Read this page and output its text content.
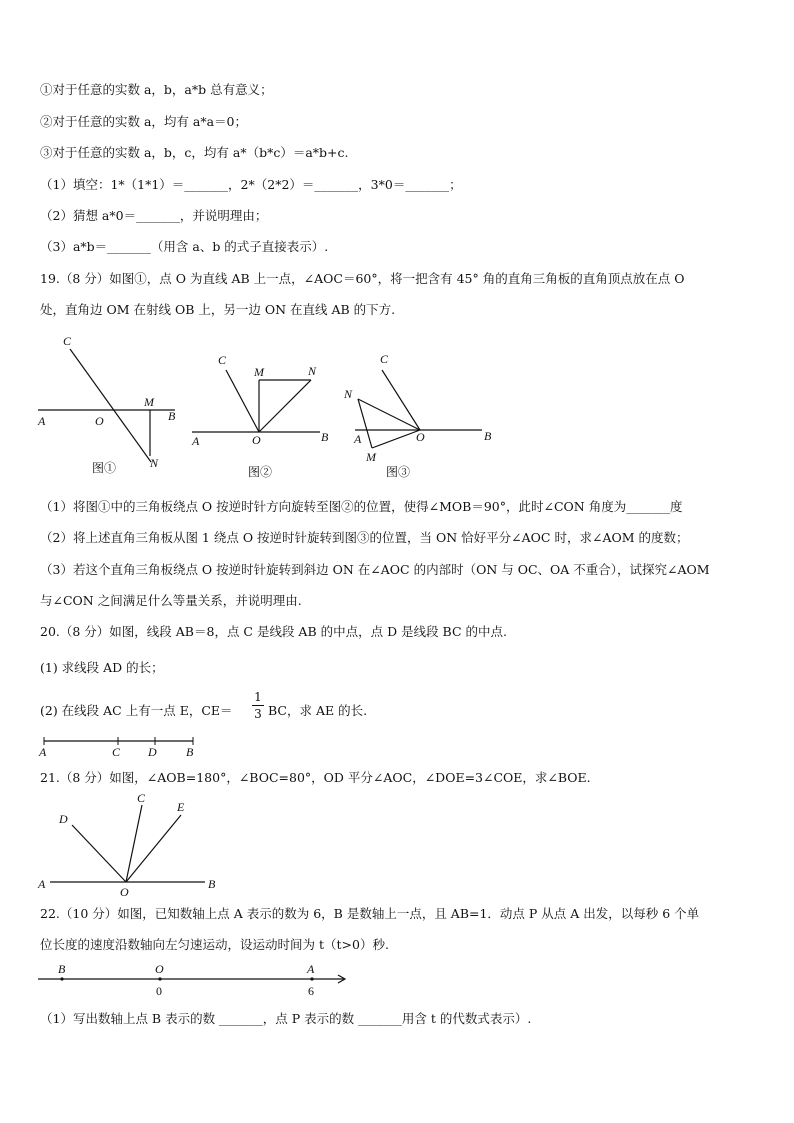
①对于任意的实数 a，b，a*b 总有意义；
②对于任意的实数 a，均有 a*a＝0；
③对于任意的实数 a，b，c，均有 a*（b*c）＝a*b+c.
（1）填空：1*（1*1）＝_______，2*（2*2）＝_______，3*0＝_______；
（2）猜想 a*0＝_______，并说明理由；
（3）a*b＝_______（用含 a、b 的式子直接表示）.
19.（8 分）如图①，点 O 为直线 AB 上一点，∠AOC＝60°，将一把含有 45° 角的直角三角板的直角顶点放在点 O
处，直角边 OM 在射线 OB 上，另一边 ON 在直线 AB 的下方.
C
A	O
M
B
N
图①
C
M	N
A	O	B
图②
C
N
A
M
O	B
图③
（1）将图①中的三角板绕点 O 按逆时针方向旋转至图②的位置，使得∠MOB＝90°，此时∠CON 角度为_______度
（2）将上述直角三角板从图 1 绕点 O 按逆时针旋转到图③的位置，当 ON 恰好平分∠AOC 时，求∠AOM 的度数；
（3）若这个直角三角板绕点 O 按逆时针旋转到斜边 ON 在∠AOC 的内部时（ON 与 OC、OA 不重合），试探究∠AOM
与∠CON 之间满足什么等量关系，并说明理由.
20.（8 分）如图，线段 AB＝8，点 C 是线段 AB 的中点，点 D 是线段 BC 的中点.
(1) 求线段 AD 的长；
(2) 在线段 AC 上有一点 E，CE＝
1
3 BC，求 AE 的长.
A	C D B
21.（8 分）如图，∠AOB=180°，∠BOC=80°，OD 平分∠AOC，∠DOE=3∠COE，求∠BOE.
D
C
E
A
O
B
22.（10 分）如图，已知数轴上点 A 表示的数为 6，B 是数轴上一点，且 AB=1．动点 P 从点 A 出发，以每秒 6 个单
位长度的速度沿数轴向左匀速运动，设运动时间为 t（t>0）秒.
B	O	A
0	6
（1）写出数轴上点 B 表示的数 _______，点 P 表示的数 _______用含 t 的代数式表示）.
